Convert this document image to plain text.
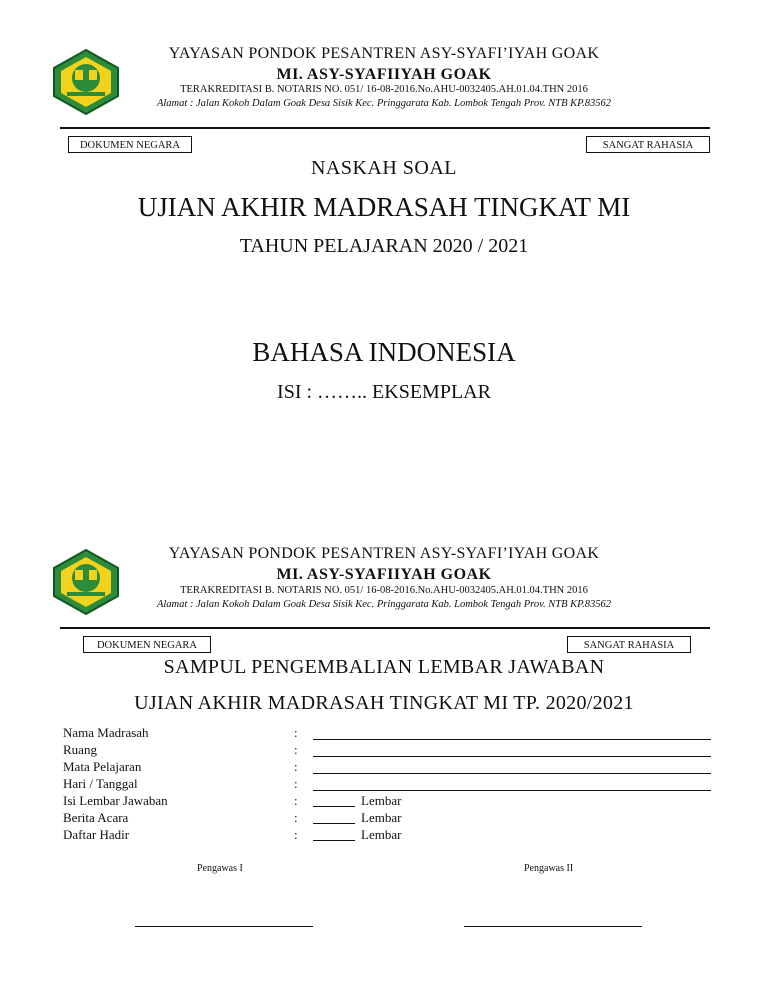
YAYASAN PONDOK PESANTREN ASY-SYAFI’IYAH GOAK
MI. ASY-SYAFIIYAH GOAK
TERAKREDITASI B. NOTARIS NO. 051/ 16-08-2016.No.AHU-0032405.AH.01.04.THN 2016
Alamat : Jalan Kokoh Dalam Goak Desa Sisik Kec. Pringgarata Kab. Lombok Tengah Prov. NTB KP.83562
DOKUMEN NEGARA	SANGAT RAHASIA
NASKAH SOAL
UJIAN AKHIR MADRASAH TINGKAT MI
TAHUN PELAJARAN 2020 / 2021
BAHASA INDONESIA
ISI : …….. EKSEMPLAR
YAYASAN PONDOK PESANTREN ASY-SYAFI’IYAH GOAK
MI. ASY-SYAFIIYAH GOAK
TERAKREDITASI B. NOTARIS NO. 051/ 16-08-2016.No.AHU-0032405.AH.01.04.THN 2016
Alamat : Jalan Kokoh Dalam Goak Desa Sisik Kec. Pringgarata Kab. Lombok Tengah Prov. NTB KP.83562
DOKUMEN NEGARA	SANGAT RAHASIA
SAMPUL PENGEMBALIAN LEMBAR JAWABAN
UJIAN AKHIR MADRASAH TINGKAT MI TP. 2020/2021
Nama Madrasah	:
Ruang	:
Mata Pelajaran	:
Hari / Tanggal	:
Isi Lembar Jawaban	:	Lembar
Berita Acara	:	Lembar
Daftar Hadir	:	Lembar
Pengawas I	Pengawas II
